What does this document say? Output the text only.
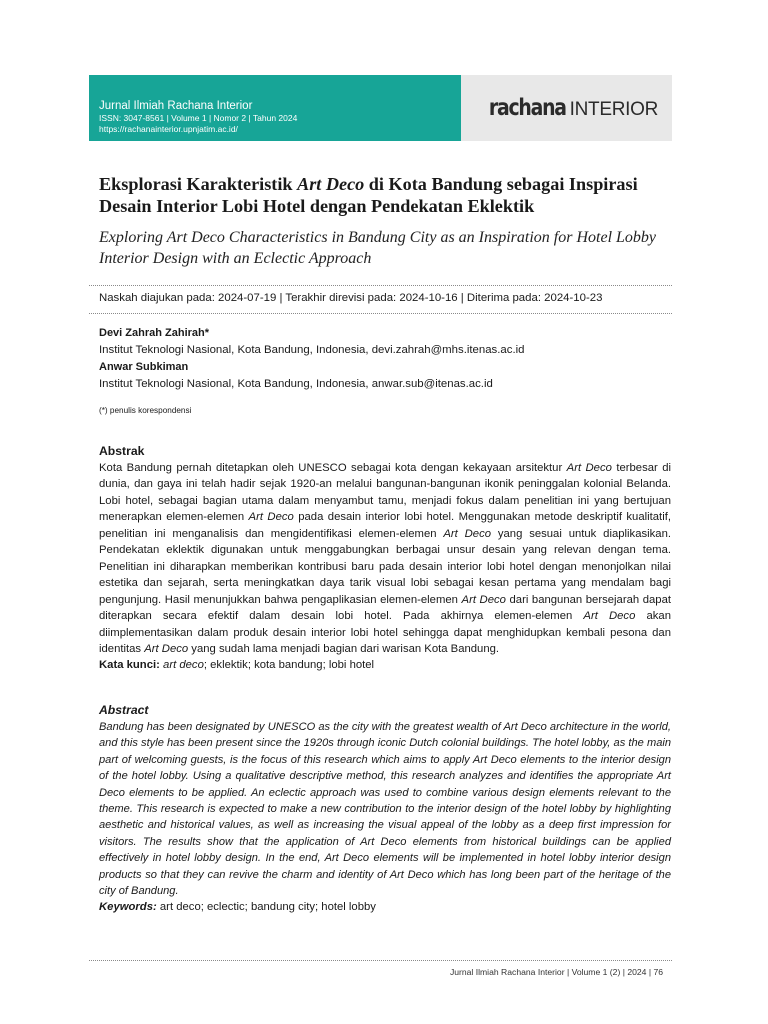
Jurnal Ilmiah Rachana Interior
ISSN: 3047-8561 | Volume 1 | Nomor 2 | Tahun 2024
https://rachanainterior.upnjatim.ac.id/
rachana INTERIOR
Eksplorasi Karakteristik Art Deco di Kota Bandung sebagai Inspirasi Desain Interior Lobi Hotel dengan Pendekatan Eklektik

Exploring Art Deco Characteristics in Bandung City as an Inspiration for Hotel Lobby Interior Design with an Eclectic Approach

Naskah diajukan pada: 2024-07-19 | Terakhir direvisi pada: 2024-10-16 | Diterima pada: 2024-10-23
Devi Zahrah Zahirah*
Institut Teknologi Nasional, Kota Bandung, Indonesia, devi.zahrah@mhs.itenas.ac.id
Anwar Subkiman
Institut Teknologi Nasional, Kota Bandung, Indonesia, anwar.sub@itenas.ac.id
(*) penulis korespondensi
Abstrak

Kota Bandung pernah ditetapkan oleh UNESCO sebagai kota dengan kekayaan arsitektur Art Deco terbesar di dunia, dan gaya ini telah hadir sejak 1920-an melalui bangunan-bangunan ikonik peninggalan kolonial Belanda. Lobi hotel, sebagai bagian utama dalam menyambut tamu, menjadi fokus dalam penelitian ini yang bertujuan menerapkan elemen-elemen Art Deco pada desain interior lobi hotel. Menggunakan metode deskriptif kualitatif, penelitian ini menganalisis dan mengidentifikasi elemen-elemen Art Deco yang sesuai untuk diaplikasikan. Pendekatan eklektik digunakan untuk menggabungkan berbagai unsur desain yang relevan dengan tema. Penelitian ini diharapkan memberikan kontribusi baru pada desain interior lobi hotel dengan menonjolkan nilai estetika dan sejarah, serta meningkatkan daya tarik visual lobi sebagai kesan pertama yang mendalam bagi pengunjung. Hasil menunjukkan bahwa pengaplikasian elemen-elemen Art Deco dari bangunan bersejarah dapat diterapkan secara efektif dalam desain lobi hotel. Pada akhirnya elemen-elemen Art Deco akan diimplementasikan dalam produk desain interior lobi hotel sehingga dapat menghidupkan kembali pesona dan identitas Art Deco yang sudah lama menjadi bagian dari warisan Kota Bandung.

Kata kunci: art deco; eklektik; kota bandung; lobi hotel
Abstract

Bandung has been designated by UNESCO as the city with the greatest wealth of Art Deco architecture in the world, and this style has been present since the 1920s through iconic Dutch colonial buildings. The hotel lobby, as the main part of welcoming guests, is the focus of this research which aims to apply Art Deco elements to the interior design of the hotel lobby. Using a qualitative descriptive method, this research analyzes and identifies the appropriate Art Deco elements to be applied. An eclectic approach was used to combine various design elements relevant to the theme. This research is expected to make a new contribution to the interior design of the hotel lobby by highlighting aesthetic and historical values, as well as increasing the visual appeal of the lobby as a deep first impression for visitors. The results show that the application of Art Deco elements from historical buildings can be applied effectively in hotel lobby design. In the end, Art Deco elements will be implemented in hotel lobby interior design products so that they can revive the charm and identity of Art Deco which has long been part of the heritage of the city of Bandung.

Keywords: art deco; eclectic; bandung city; hotel lobby
Jurnal Ilmiah Rachana Interior | Volume 1 (2) | 2024 | 76
